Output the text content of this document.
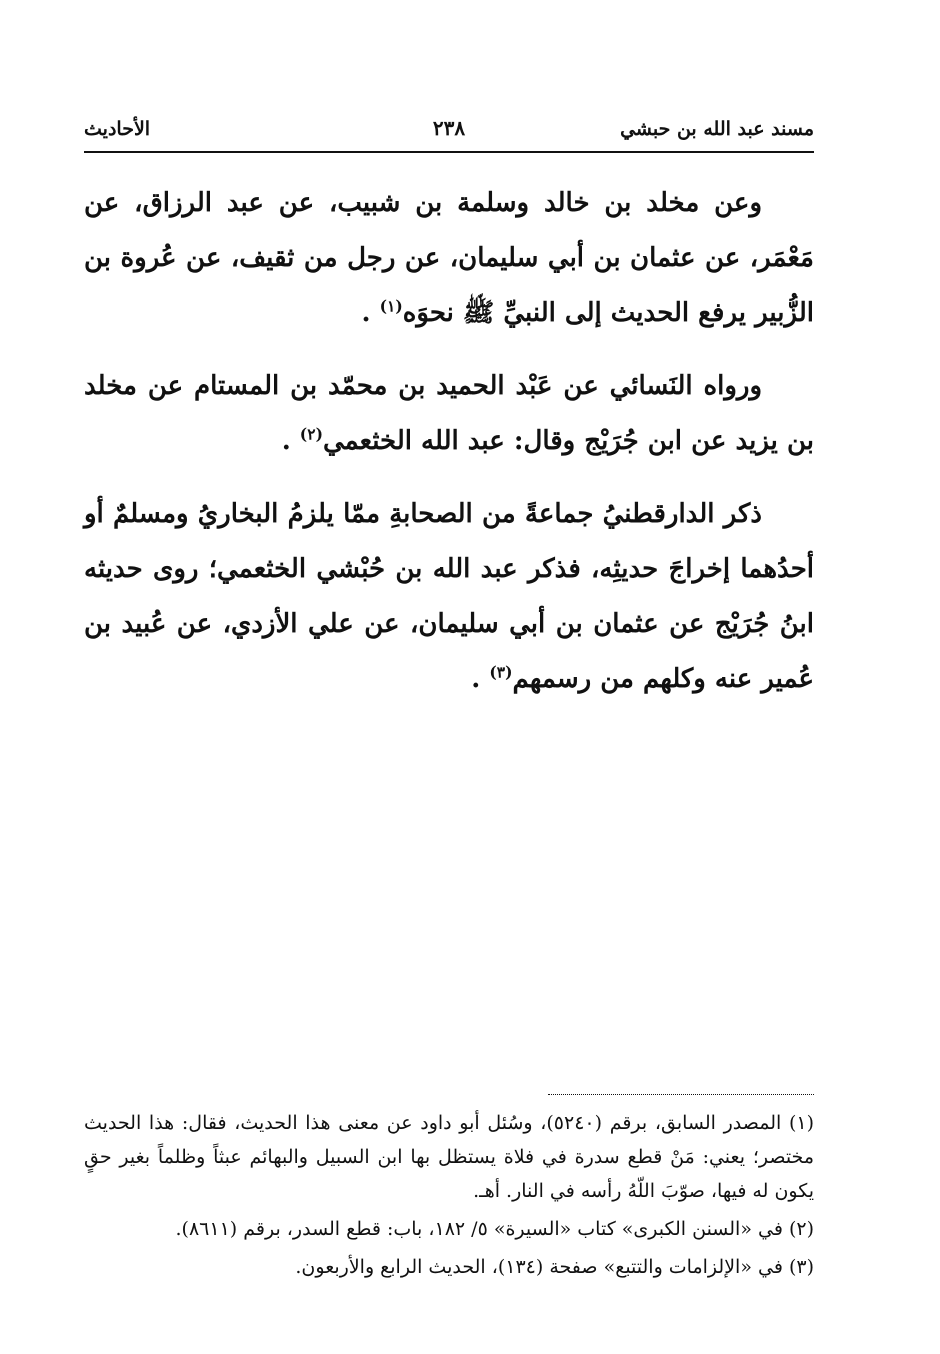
مسند عبد الله بن حبشي
٢٣٨
الأحاديث

وعن مخلد بن خالد وسلمة بن شبيب، عن عبد الرزاق، عن مَعْمَر، عن عثمان بن أبي سليمان، عن رجل من ثقيف، عن عُروة بن الزُّبير يرفع الحديث إلى النبيِّ ﷺ نحوَه$^{(١)}$ .

ورواه النَسائي عن عَبْد الحميد بن محمّد بن المستام عن مخلد بن يزيد عن ابن جُرَيْج وقال: عبد الله الخثعمي$^{(٢)}$ .

ذكر الدارقطنيُ جماعةً من الصحابةِ ممّا يلزمُ البخاريُ ومسلمٌ أو أحدُهما إخراجَ حديثِه، فذكر عبد الله بن حُبْشي الخثعمي؛ روى حديثه ابنُ جُرَيْج عن عثمان بن أبي سليمان، عن علي الأزدي، عن عُبيد بن عُمير عنه وكلهم من رسمهم$^{(٣)}$ .

(١) المصدر السابق، برقم (٥٢٤٠)، وسُئل أبو داود عن معنى هذا الحديث، فقال: هذا الحديث مختصر؛ يعني: مَنْ قطع سدرة في فلاة يستظل بها ابن السبيل والبهائم عبثاً وظلماً بغير حقٍ يكون له فيها، صوّبَ اللّهُ رأسه في النار. أهـ.

(٢) في «السنن الكبرى» كتاب «السيرة» ٥/ ١٨٢، باب: قطع السدر، برقم (٨٦١١).

(٣) في «الإلزامات والتتبع» صفحة (١٣٤)، الحديث الرابع والأربعون.
